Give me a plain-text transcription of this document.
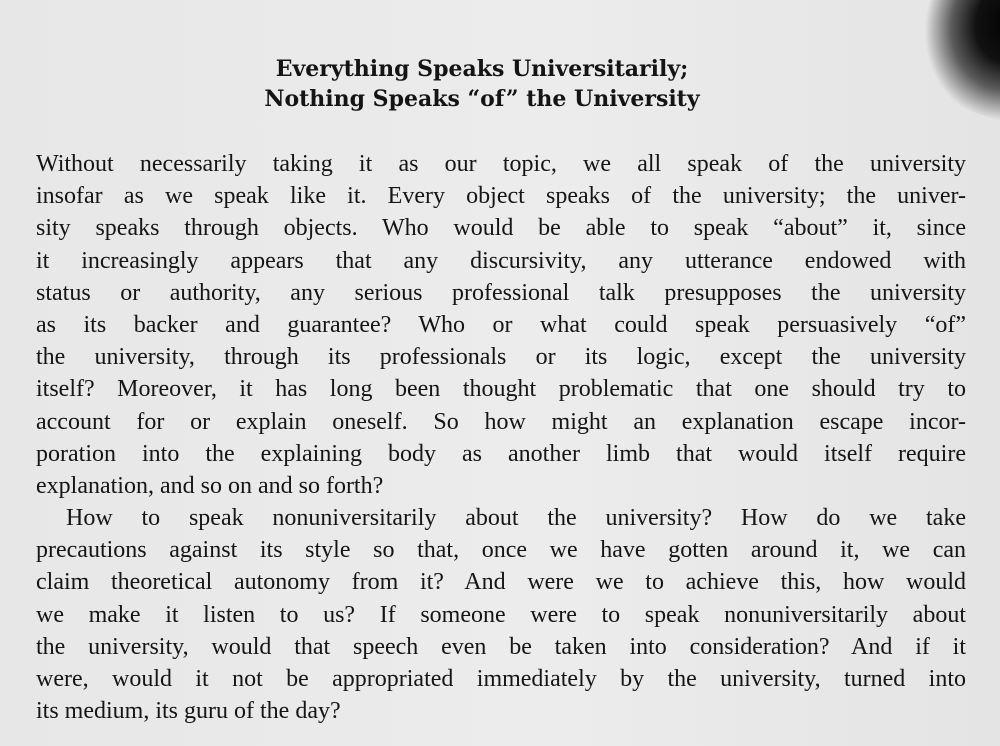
Everything Speaks Universitarily;
Nothing Speaks “of” the University
Without necessarily taking it as our topic, we all speak of the university
insofar as we speak like it. Every object speaks of the university; the univer-
sity speaks through objects. Who would be able to speak “about” it, since
it increasingly appears that any discursivity, any utterance endowed with
status or authority, any serious professional talk presupposes the university
as its backer and guarantee? Who or what could speak persuasively “of”
the university, through its professionals or its logic, except the university
itself? Moreover, it has long been thought problematic that one should try to
account for or explain oneself. So how might an explanation escape incor-
poration into the explaining body as another limb that would itself require
explanation, and so on and so forth?
How to speak nonuniversitarily about the university? How do we take
precautions against its style so that, once we have gotten around it, we can
claim theoretical autonomy from it? And were we to achieve this, how would
we make it listen to us? If someone were to speak nonuniversitarily about
the university, would that speech even be taken into consideration? And if it
were, would it not be appropriated immediately by the university, turned into
its medium, its guru of the day?
